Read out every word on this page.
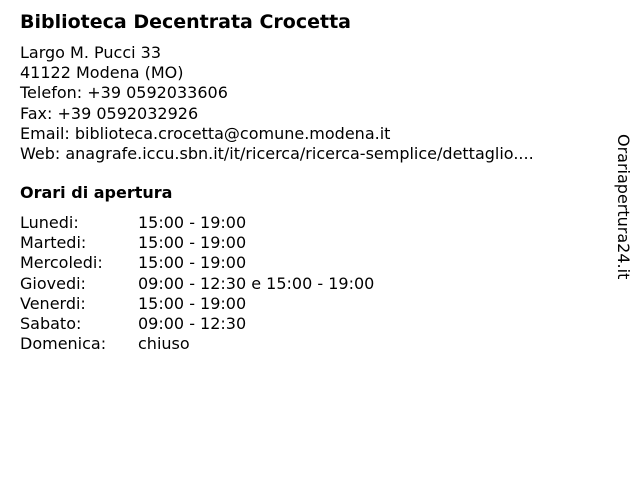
Biblioteca Decentrata Crocetta
Largo M. Pucci 33
41122 Modena (MO)
Telefon: +39 0592033606
Fax: +39 0592032926
Email: biblioteca.crocetta@comune.modena.it
Web: anagrafe.iccu.sbn.it/it/ricerca/ricerca-semplice/dettaglio....
Orari di apertura
Lunedi:	15:00 - 19:00
Martedi:	15:00 - 19:00
Mercoledi:	15:00 - 19:00
Giovedi:	09:00 - 12:30 e 15:00 - 19:00
Venerdi:	15:00 - 19:00
Sabato:	09:00 - 12:30
Domenica:	chiuso
Orariapertura24.it
